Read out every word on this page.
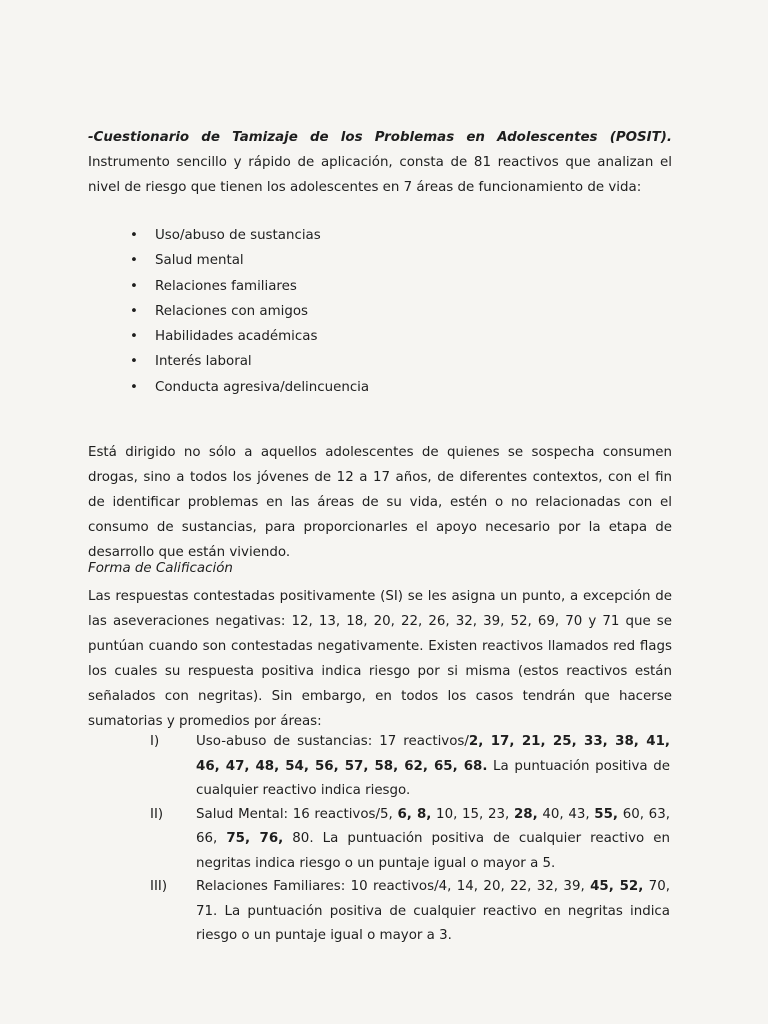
-Cuestionario de Tamizaje de los Problemas en Adolescentes (POSIT). Instrumento sencillo y rápido de aplicación, consta de 81 reactivos que analizan el nivel de riesgo que tienen los adolescentes en 7 áreas de funcionamiento de vida:

• Uso/abuso de sustancias
• Salud mental
• Relaciones familiares
• Relaciones con amigos
• Habilidades académicas
• Interés laboral
• Conducta agresiva/delincuencia

Está dirigido no sólo a aquellos adolescentes de quienes se sospecha consumen drogas, sino a todos los jóvenes de 12 a 17 años, de diferentes contextos, con el fin de identificar problemas en las áreas de su vida, estén o no relacionadas con el consumo de sustancias, para proporcionarles el apoyo necesario por la etapa de desarrollo que están viviendo.

Forma de Calificación

Las respuestas contestadas positivamente (SI) se les asigna un punto, a excepción de las aseveraciones negativas: 12, 13, 18, 20, 22, 26, 32, 39, 52, 69, 70 y 71 que se puntúan cuando son contestadas negativamente. Existen reactivos llamados red flags los cuales su respuesta positiva indica riesgo por si misma (estos reactivos están señalados con negritas). Sin embargo, en todos los casos tendrán que hacerse sumatorias y promedios por áreas:

I)	Uso-abuso de sustancias: 17 reactivos/2, 17, 21, 25, 33, 38, 41, 46, 47, 48, 54, 56, 57, 58, 62, 65, 68. La puntuación positiva de cualquier reactivo indica riesgo.
II) Salud Mental: 16 reactivos/5, 6, 8, 10, 15, 23, 28, 40, 43, 55, 60, 63, 66, 75, 76, 80. La puntuación positiva de cualquier reactivo en negritas indica riesgo o un puntaje igual o mayor a 5.
III) Relaciones Familiares: 10 reactivos/4, 14, 20, 22, 32, 39, 45, 52, 70, 71. La puntuación positiva de cualquier reactivo en negritas indica riesgo o un puntaje igual o mayor a 3.
